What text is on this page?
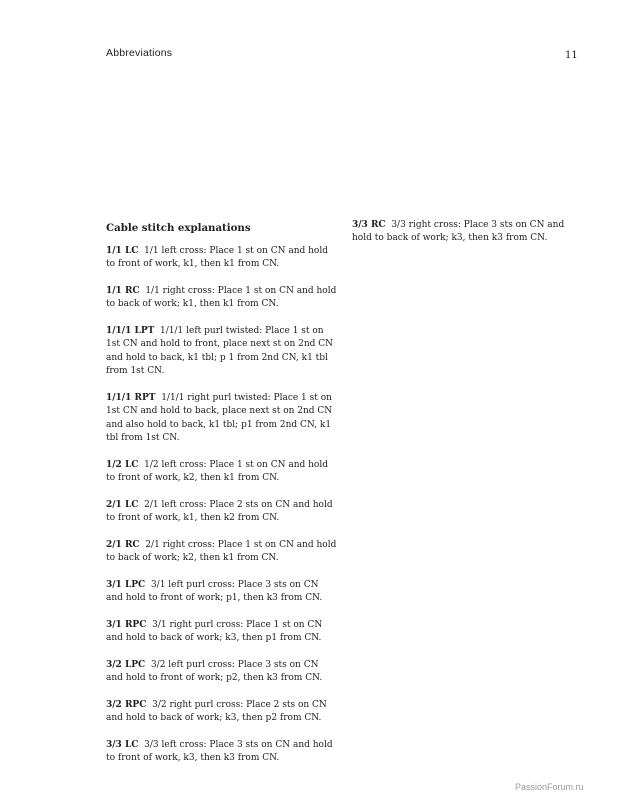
Abbreviations	11
Cable stitch explanations
1/1 LC 1/1 left cross: Place 1 st on CN and hold to front of work, k1, then k1 from CN.
1/1 RC 1/1 right cross: Place 1 st on CN and hold to back of work; k1, then k1 from CN.
1/1/1 LPT 1/1/1 left purl twisted: Place 1 st on 1st CN and hold to front, place next st on 2nd CN and hold to back, k1 tbl; p 1 from 2nd CN, k1 tbl from 1st CN.
1/1/1 RPT 1/1/1 right purl twisted: Place 1 st on 1st CN and hold to back, place next st on 2nd CN and also hold to back, k1 tbl; p1 from 2nd CN, k1 tbl from 1st CN.
1/2 LC 1/2 left cross: Place 1 st on CN and hold to front of work, k2, then k1 from CN.
2/1 LC 2/1 left cross: Place 2 sts on CN and hold to front of work, k1, then k2 from CN.
2/1 RC 2/1 right cross: Place 1 st on CN and hold to back of work; k2, then k1 from CN.
3/1 LPC 3/1 left purl cross: Place 3 sts on CN and hold to front of work; p1, then k3 from CN.
3/1 RPC 3/1 right purl cross: Place 1 st on CN and hold to back of work; k3, then p1 from CN.
3/2 LPC 3/2 left purl cross: Place 3 sts on CN and hold to front of work; p2, then k3 from CN.
3/2 RPC 3/2 right purl cross: Place 2 sts on CN and hold to back of work; k3, then p2 from CN.
3/3 LC 3/3 left cross: Place 3 sts on CN and hold to front of work, k3, then k3 from CN.
3/3 RC 3/3 right cross: Place 3 sts on CN and hold to back of work; k3, then k3 from CN.
PassionForum.ru
